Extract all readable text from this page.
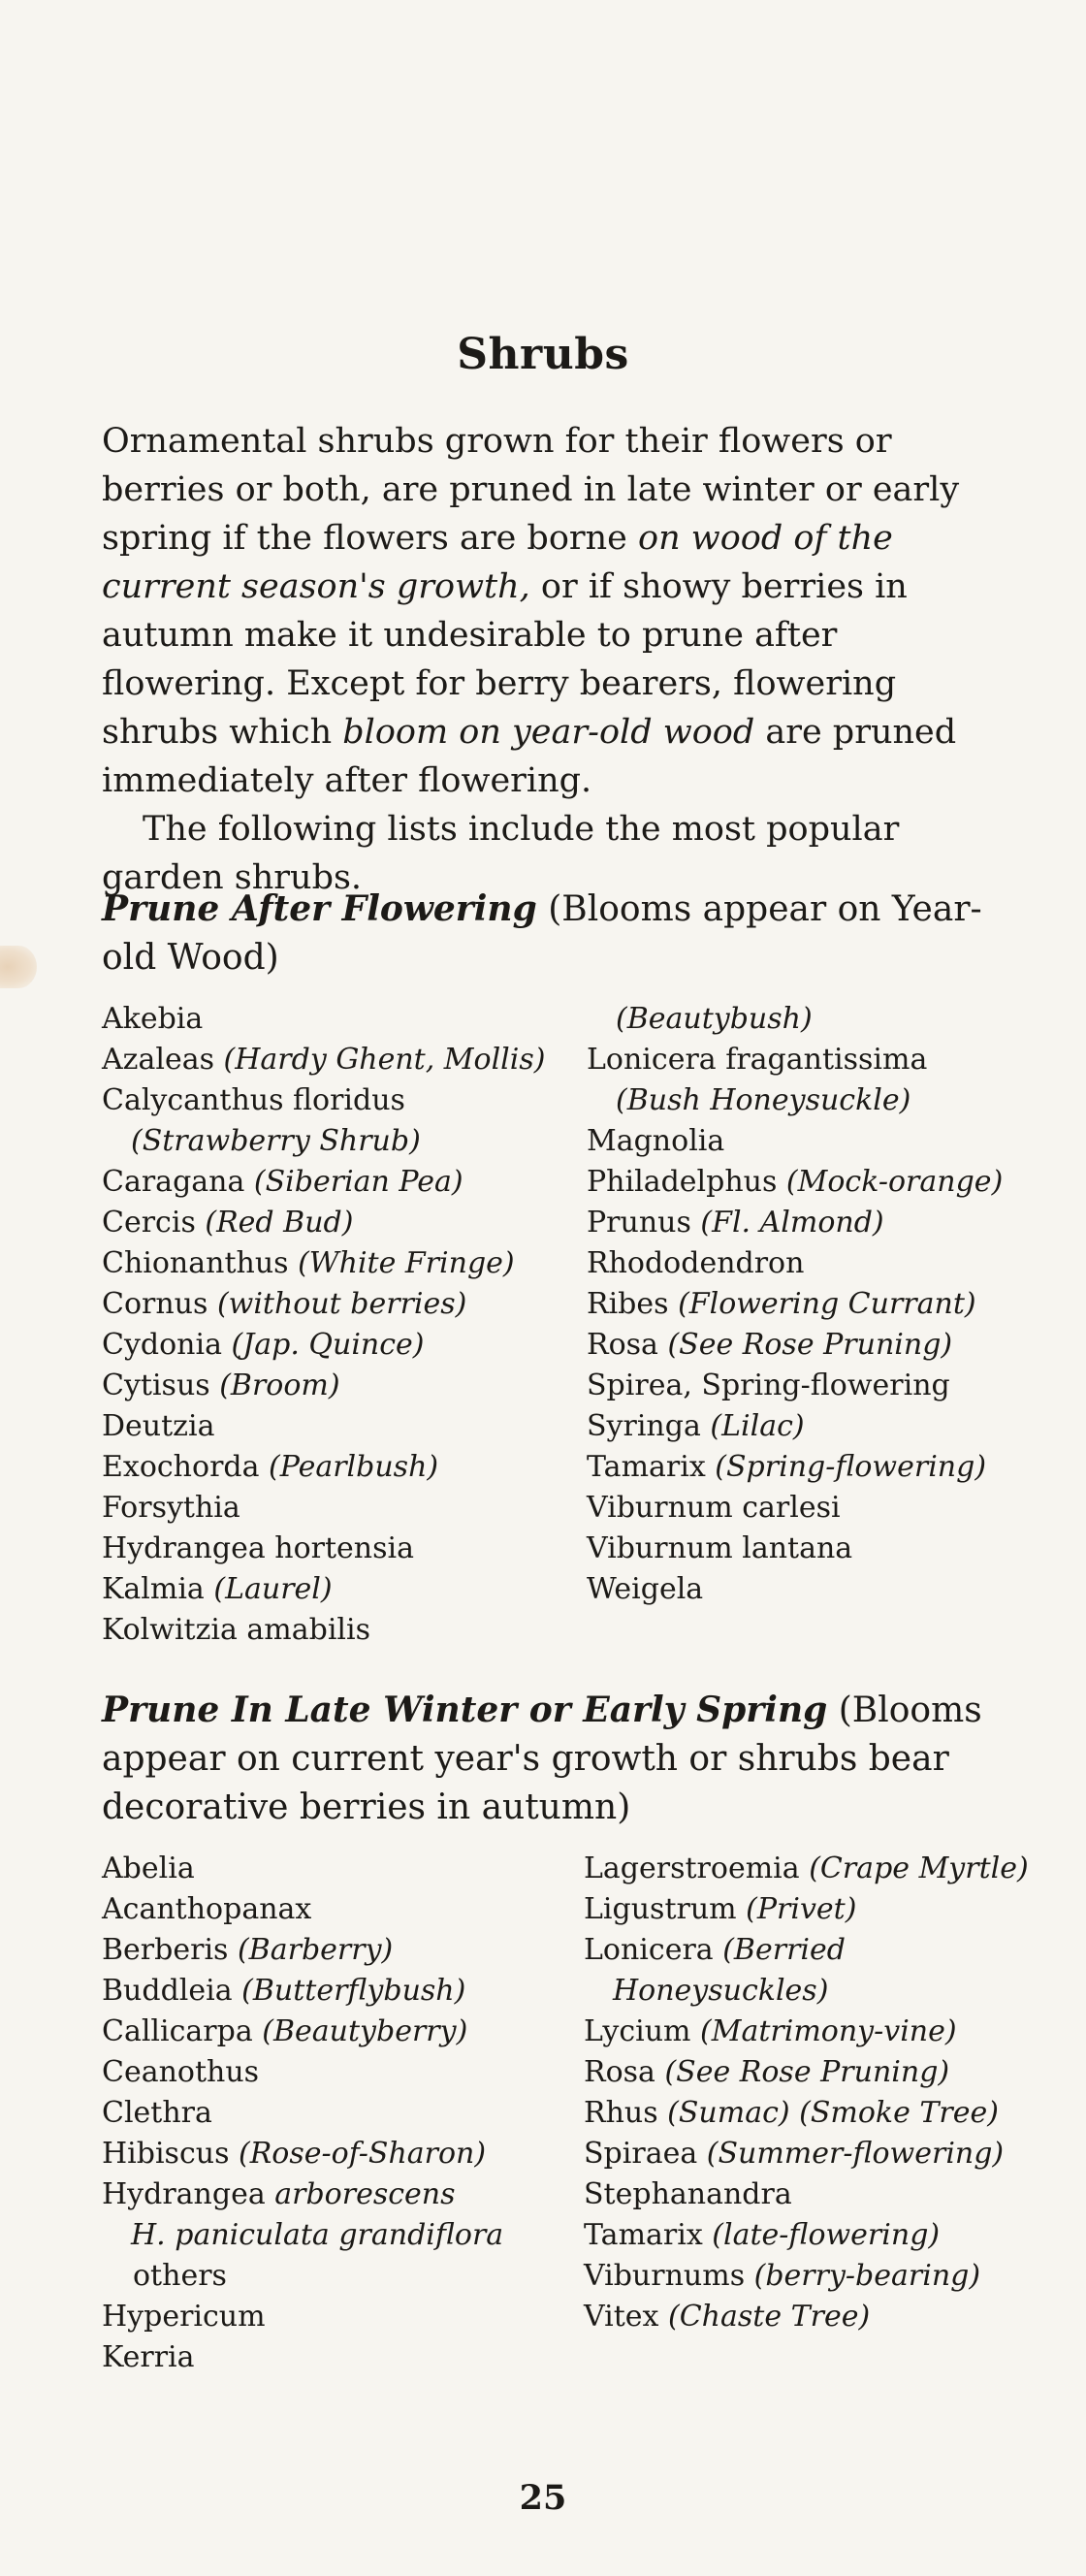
Shrubs

Ornamental shrubs grown for their flowers or berries or both, are pruned in late winter or early spring if the flowers are borne on wood of the current season's growth, or if showy berries in autumn make it undesirable to prune after flowering. Except for berry bearers, flowering shrubs which bloom on year-old wood are pruned immediately after flowering.

The following lists include the most popular garden shrubs.

Prune After Flowering (Blooms appear on Year-old Wood)
Akebia
Azaleas (Hardy Ghent, Mollis)
Calycanthus floridus
(Strawberry Shrub)
Caragana (Siberian Pea)
Cercis (Red Bud)
Chionanthus (White Fringe)
Cornus (without berries)
Cydonia (Jap. Quince)
Cytisus (Broom)
Deutzia
Exochorda (Pearlbush)
Forsythia
Hydrangea hortensia
Kalmia (Laurel)
Kolwitzia amabilis
(Beautybush)
Lonicera fragantissima
(Bush Honeysuckle)
Magnolia
Philadelphus (Mock-orange)
Prunus (Fl. Almond)
Rhododendron
Ribes (Flowering Currant)
Rosa (See Rose Pruning)
Spirea, Spring-flowering
Syringa (Lilac)
Tamarix (Spring-flowering)
Viburnum carlesi
Viburnum lantana
Weigela
Prune In Late Winter or Early Spring (Blooms appear on current year's growth or shrubs bear decorative berries in autumn)
Abelia
Acanthopanax
Berberis (Barberry)
Buddleia (Butterflybush)
Callicarpa (Beautyberry)
Ceanothus
Clethra
Hibiscus (Rose-of-Sharon)
Hydrangea arborescens
H. paniculata grandiflora
others
Hypericum
Kerria
Lagerstroemia (Crape Myrtle)
Ligustrum (Privet)
Lonicera (Berried
Honeysuckles)
Lycium (Matrimony-vine)
Rosa (See Rose Pruning)
Rhus (Sumac) (Smoke Tree)
Spiraea (Summer-flowering)
Stephanandra
Tamarix (late-flowering)
Viburnums (berry-bearing)
Vitex (Chaste Tree)
25
